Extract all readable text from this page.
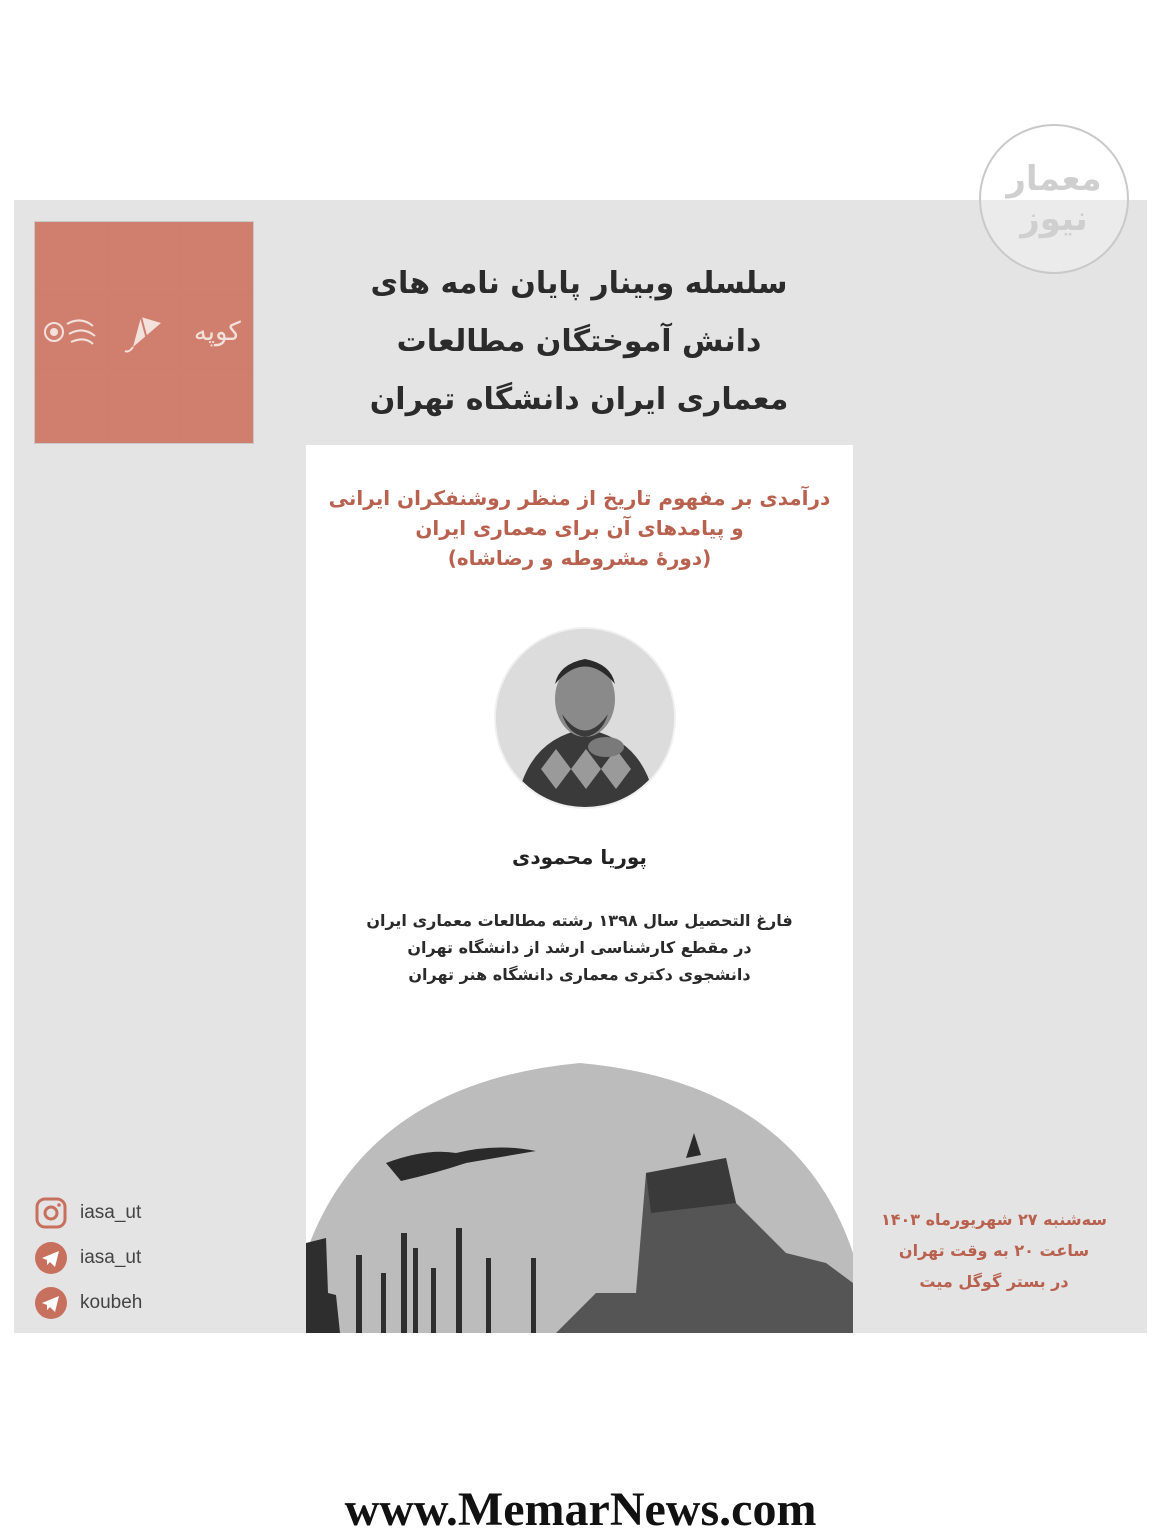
کوپه
سلسله وبینار پایان نامه های
دانش آموختگان مطالعات
معماری ایران دانشگاه تهران
درآمدی بر مفهوم تاریخ از منظر روشنفکران ایرانی
و پیامدهای آن برای معماری ایران
(دورهٔ مشروطه و رضاشاه)
پوریا محمودی
فارغ التحصیل سال ۱۳۹۸ رشته مطالعات معماری ایران
در مقطع کارشناسی ارشد از دانشگاه تهران
دانشجوی دکتری معماری دانشگاه هنر تهران
iasa_ut
iasa_ut
koubeh
سه‌شنبه ۲۷ شهریورماه ۱۴۰۳
ساعت ۲۰ به وقت تهران
در بستر گوگل میت
معمار
نیوز
www.MemarNews.com
